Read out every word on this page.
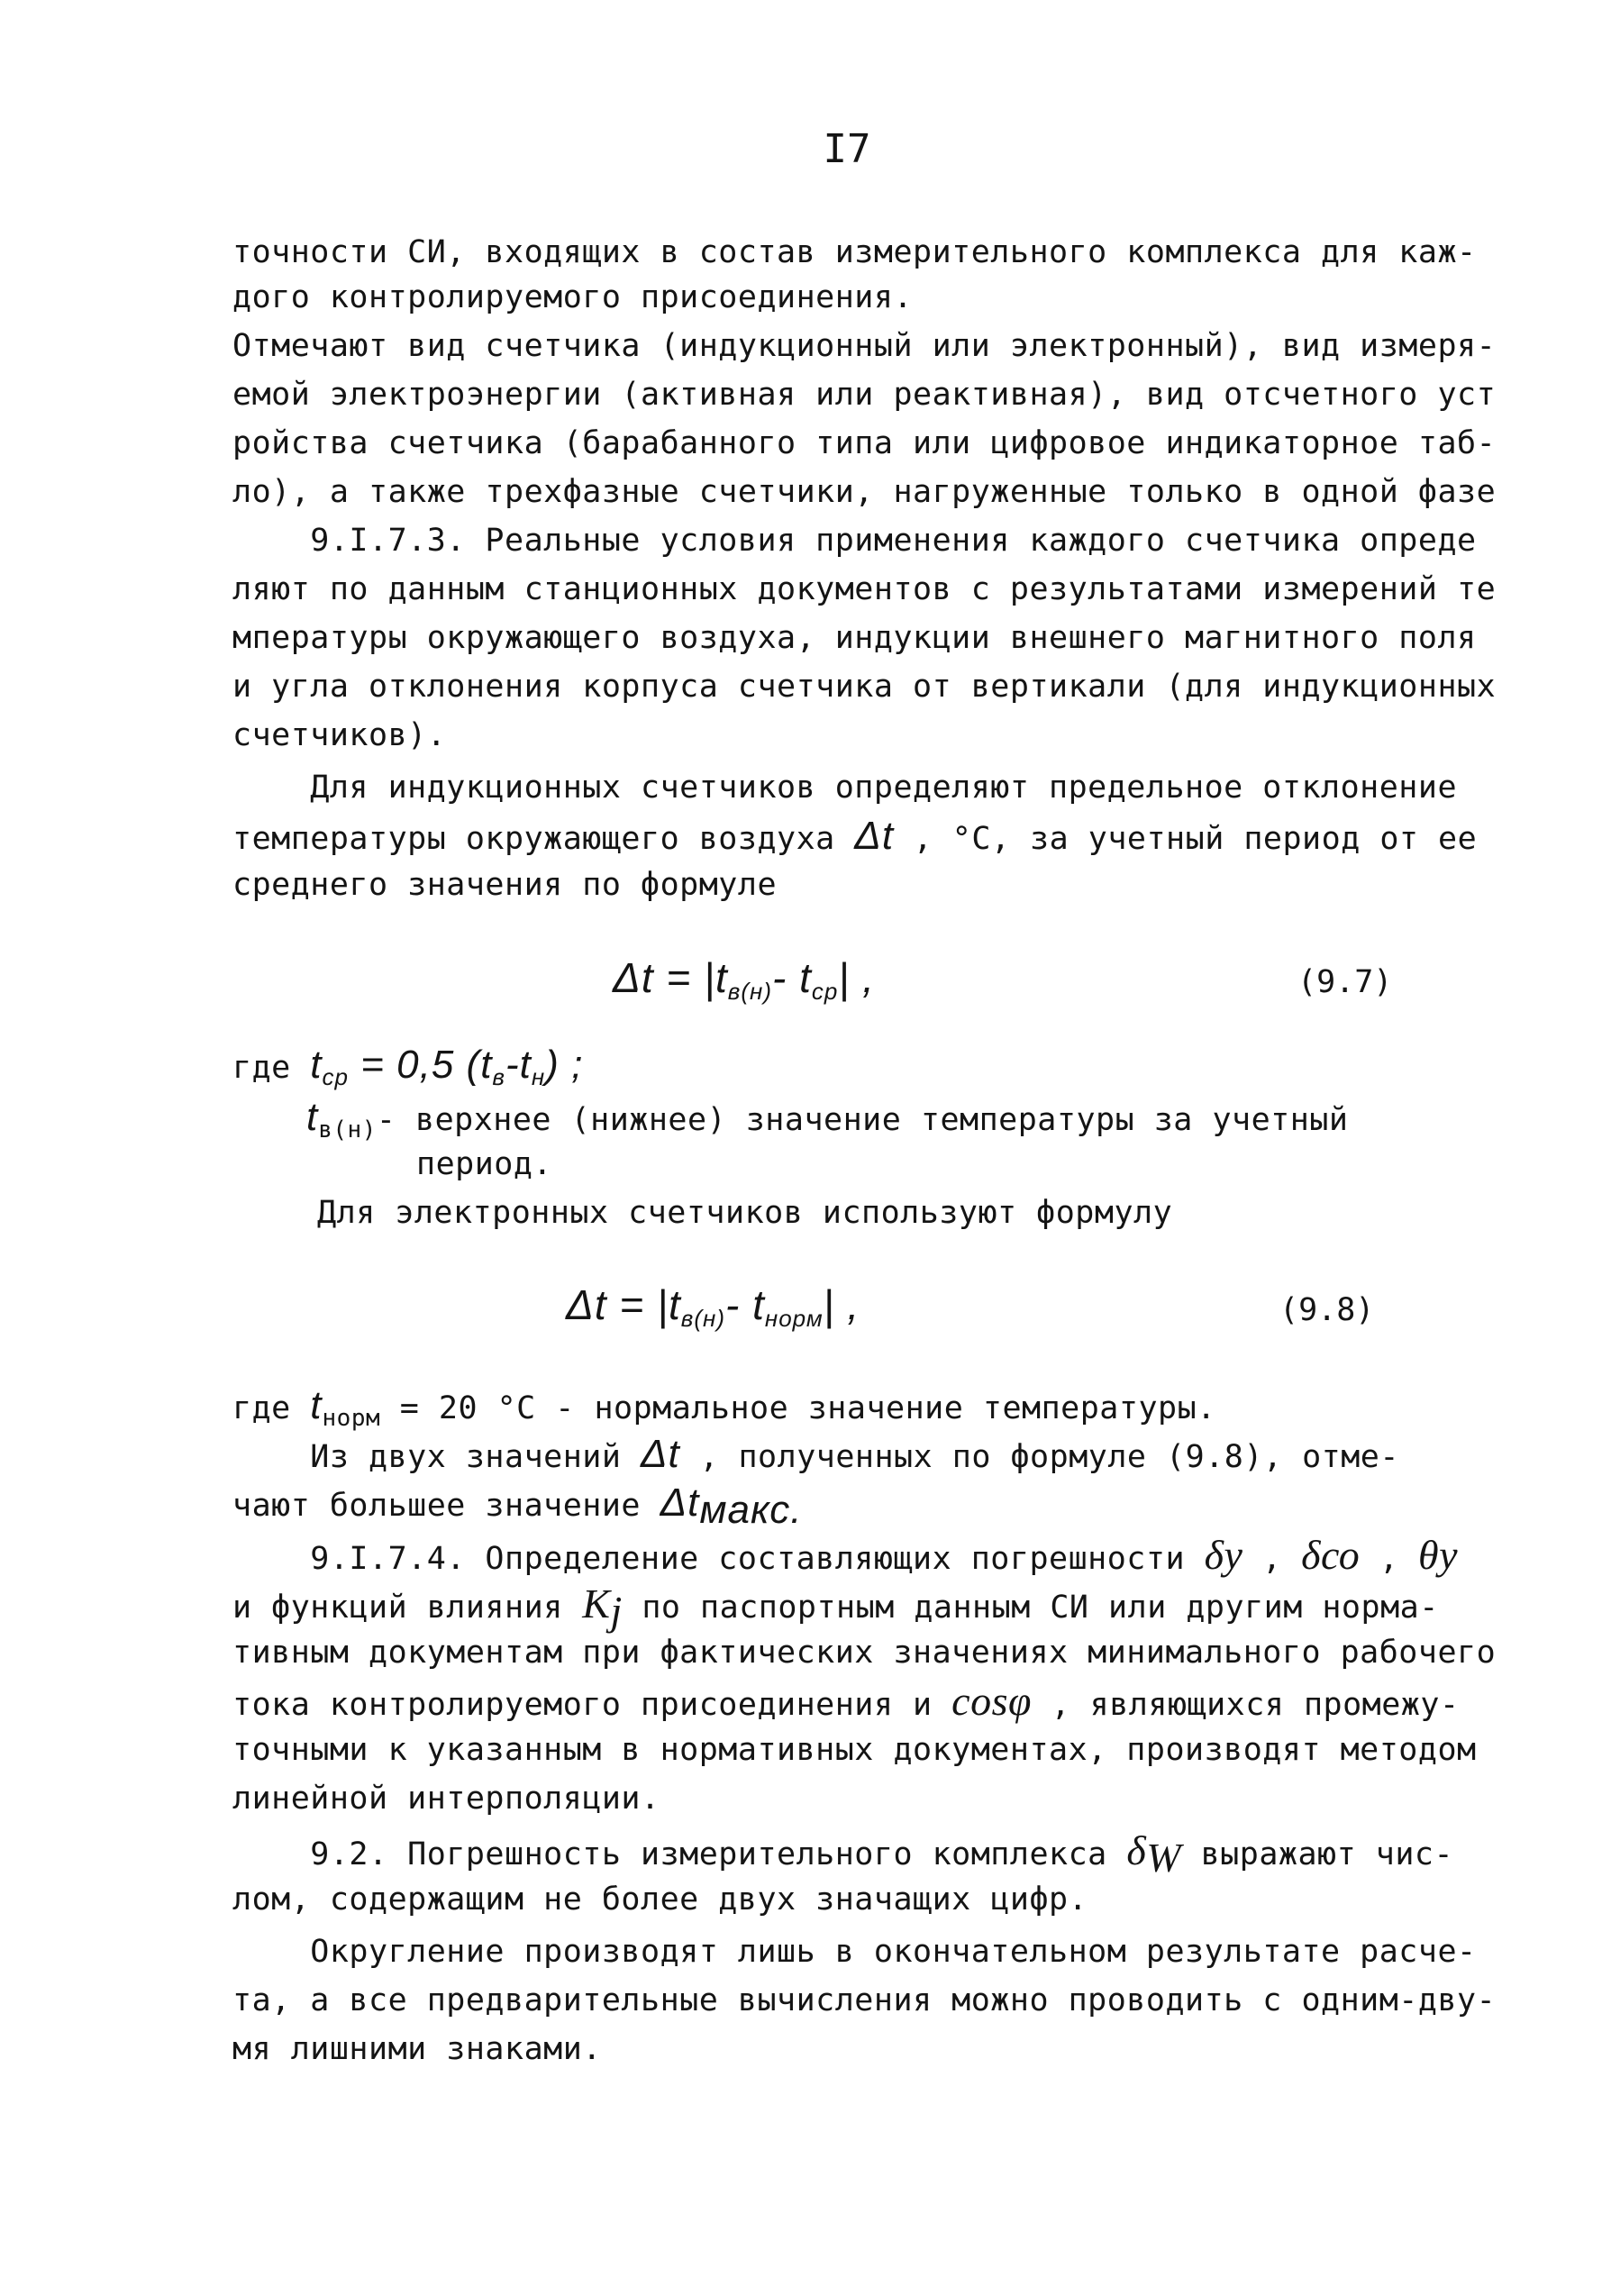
I7
точности СИ, входящих в состав измерительного комплекса для каж-
дого контролируемого присоединения.
Отмечают вид счетчика (индукционный или электронный), вид измеря-
емой электроэнергии (активная или реактивная), вид отсчетного уст
ройства счетчика (барабанного типа или цифровое индикаторное таб-
ло), а также трехфазные счетчики, нагруженные только в одной фазе
9.I.7.3. Реальные условия применения каждого счетчика опреде
ляют по данным станционных документов с результатами измерений те
мпературы окружающего воздуха, индукции внешнего магнитного поля
и угла отклонения корпуса счетчика от вертикали (для индукционных
счетчиков).
Для индукционных счетчиков определяют предельное отклонение
температуры окружающего воздуха Δt , °С, за учетный период от ее
среднего значения по формуле
$\Delta t = |t_{в(н)}-$ $t_{ср}|$ ,	(9.7)
где $t_{ср} = 0,5$ $(t_в-t_н)$ ;
$t_{в(н)}-$ верхнее (нижнее) значение температуры за учетный
период.
Для электронных счетчиков используют формулу
$\Delta t = |t_{в(н)}-$ $t_{норм}|$ ,	(9.8)
где $t_{норм} = 20$ °С - нормальное значение температуры.
Из двух значений Δt , полученных по формуле (9.8), отме-
чают большее значение $\Delta t_{макс.}$
9.I.7.4. Определение составляющих погрешности δу , δсо , θу
и функций влияния $K_j$ по паспортным данным СИ или другим норма-
тивным документам при фактических значениях минимального рабочего
тока контролируемого присоединения и cosφ , являющихся промежу-
точными к указанным в нормативных документах, производят методом
линейной интерполяции.
9.2. Погрешность измерительного комплекса $\delta_W$ выражают чис-
лом, содержащим не более двух значащих цифр.
Округление производят лишь в окончательном результате расче-
та, а все предварительные вычисления можно проводить с одним-дву-
мя лишними знаками.
